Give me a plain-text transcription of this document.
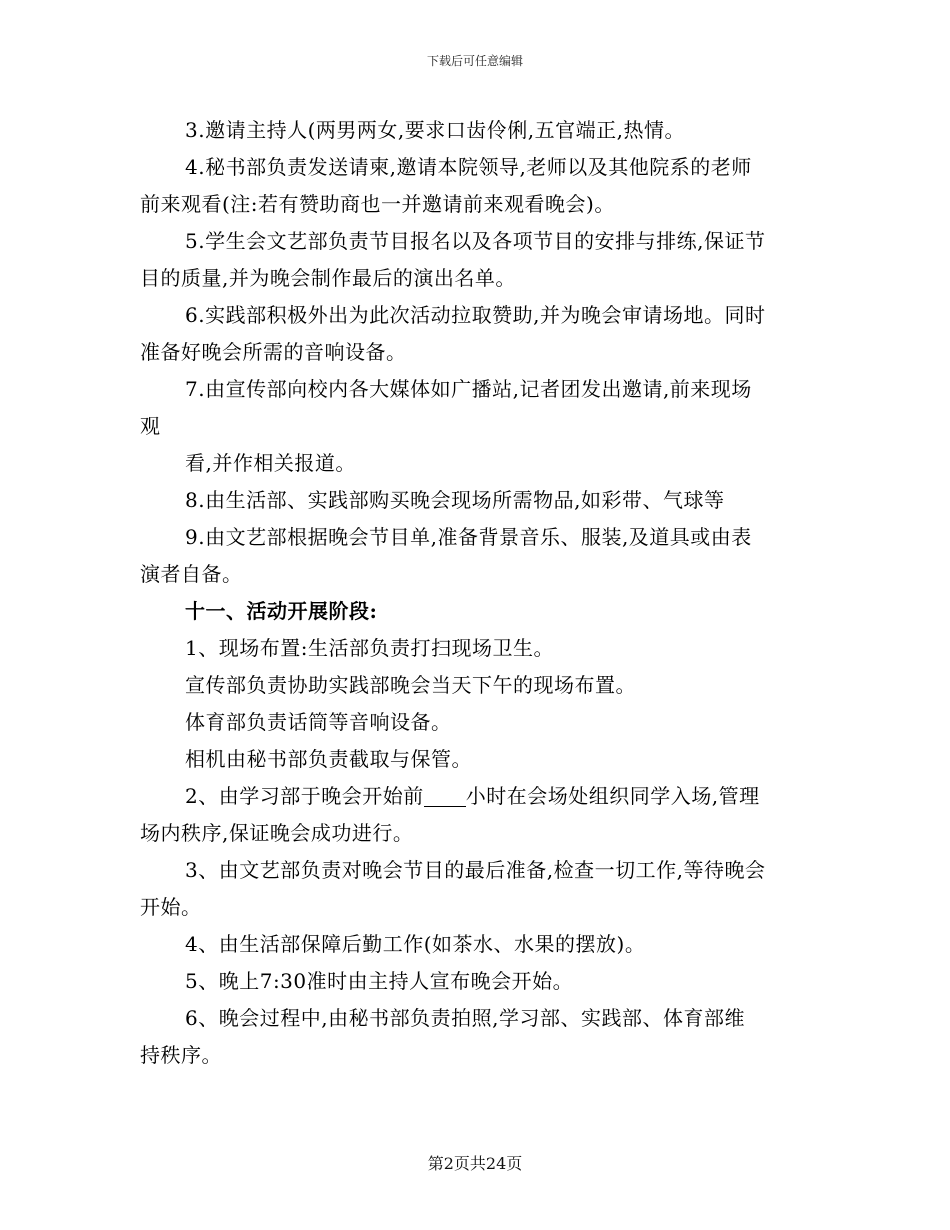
下载后可任意编辑
3.邀请主持人(两男两女,要求口齿伶俐,五官端正,热情。
4.秘书部负责发送请柬,邀请本院领导,老师以及其他院系的老师
前来观看(注:若有赞助商也一并邀请前来观看晚会)。
5.学生会文艺部负责节目报名以及各项节目的安排与排练,保证节
目的质量,并为晚会制作最后的演出名单。
6.实践部积极外出为此次活动拉取赞助,并为晚会审请场地。同时
准备好晚会所需的音响设备。
7.由宣传部向校内各大媒体如广播站,记者团发出邀请,前来现场
观
看,并作相关报道。
8.由生活部、实践部购买晚会现场所需物品,如彩带、气球等
9.由文艺部根据晚会节目单,准备背景音乐、服装,及道具或由表
演者自备。
十一、活动开展阶段:
1、现场布置:生活部负责打扫现场卫生。
宣传部负责协助实践部晚会当天下午的现场布置。
体育部负责话筒等音响设备。
相机由秘书部负责截取与保管。
2、由学习部于晚会开始前 小时在会场处组织同学入场,管理
场内秩序,保证晚会成功进行。
3、由文艺部负责对晚会节目的最后准备,检查一切工作,等待晚会
开始。
4、由生活部保障后勤工作(如茶水、水果的摆放)。
5、晚上7:30准时由主持人宣布晚会开始。
6、晚会过程中,由秘书部负责拍照,学习部、实践部、体育部维
持秩序。
第2页共24页
